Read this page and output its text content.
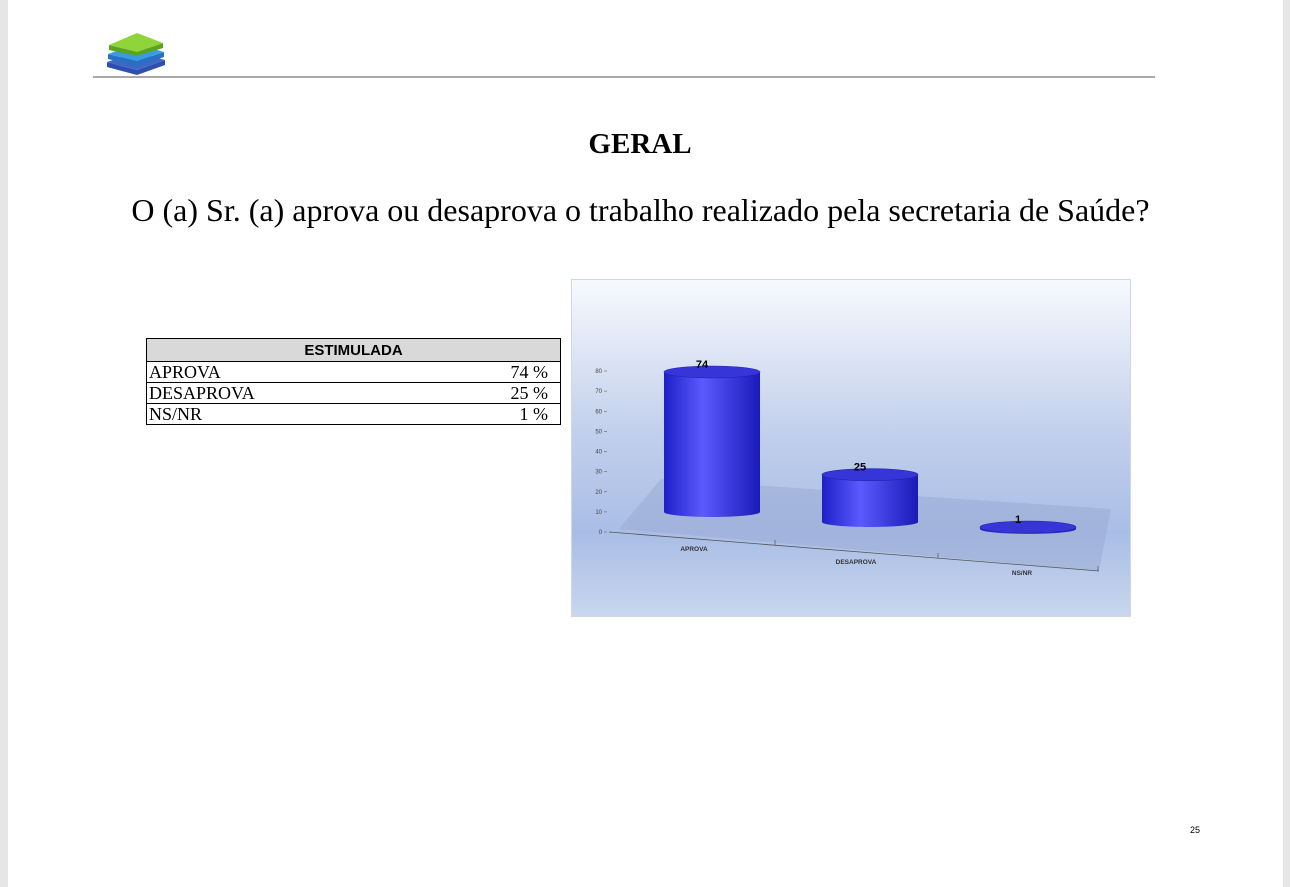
GERAL
O (a) Sr. (a) aprova ou desaprova o trabalho realizado pela secretaria de Saúde?
ESTIMULADA	
APROVA	74 %
DESAPROVA	25 %
NS/NR	1 %
0
10
20
30
40
50
60
70
80
74
APROVA
25
DESAPROVA
1
NS/NR
25
